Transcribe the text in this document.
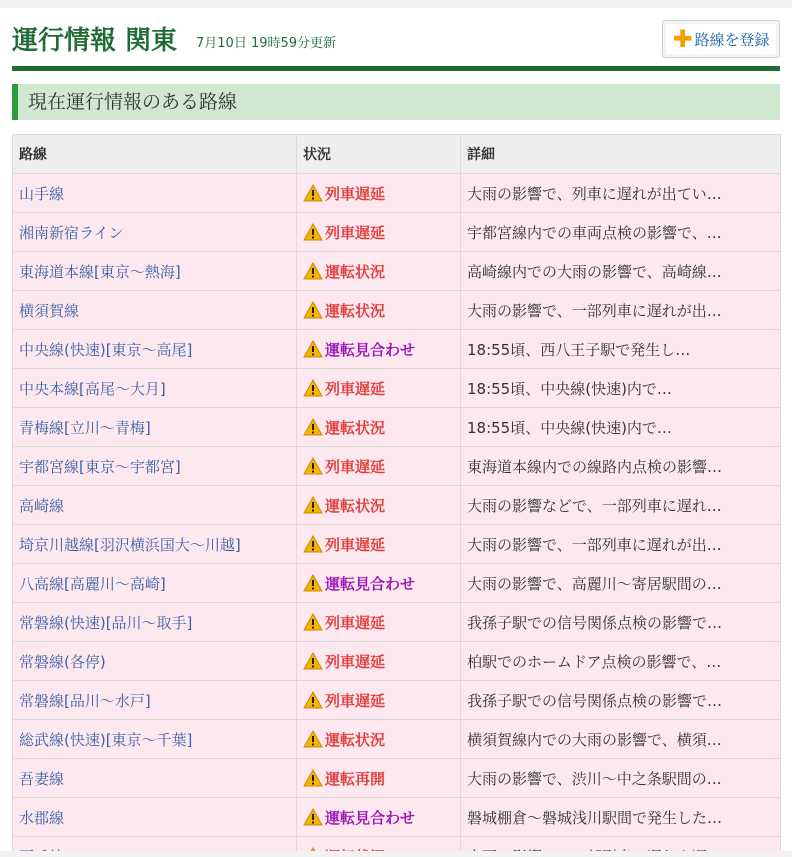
運行情報 関東 7月10日 19時59分更新	✚ 路線を登録
現在運行情報のある路線
路線	状況	詳細
山手線	列車遅延	大雨の影響で、列車に遅れが出てい…
湘南新宿ライン	列車遅延	宇都宮線内での車両点検の影響で、…
東海道本線[東京～熱海]	運転状況	高崎線内での大雨の影響で、高崎線…
横須賀線	運転状況	大雨の影響で、一部列車に遅れが出…
中央線(快速)[東京～高尾]	運転見合わせ	18:55頃、西八王子駅で発生し…
中央本線[高尾～大月]	列車遅延	18:55頃、中央線(快速)内で…
青梅線[立川～青梅]	運転状況	18:55頃、中央線(快速)内で…
宇都宮線[東京～宇都宮]	列車遅延	東海道本線内での線路内点検の影響…
高崎線	運転状況	大雨の影響などで、一部列車に遅れ…
埼京川越線[羽沢横浜国大～川越]	列車遅延	大雨の影響で、一部列車に遅れが出…
八高線[高麗川～高崎]	運転見合わせ	大雨の影響で、高麗川～寄居駅間の…
常磐線(快速)[品川～取手]	列車遅延	我孫子駅での信号関係点検の影響で…
常磐線(各停)	列車遅延	柏駅でのホームドア点検の影響で、…
常磐線[品川～水戸]	列車遅延	我孫子駅での信号関係点検の影響で…
総武線(快速)[東京～千葉]	運転状況	横須賀線内での大雨の影響で、横須…
吾妻線	運転再開	大雨の影響で、渋川～中之条駅間の…
水郡線	運転見合わせ	磐城棚倉～磐城浅川駅間で発生した…
